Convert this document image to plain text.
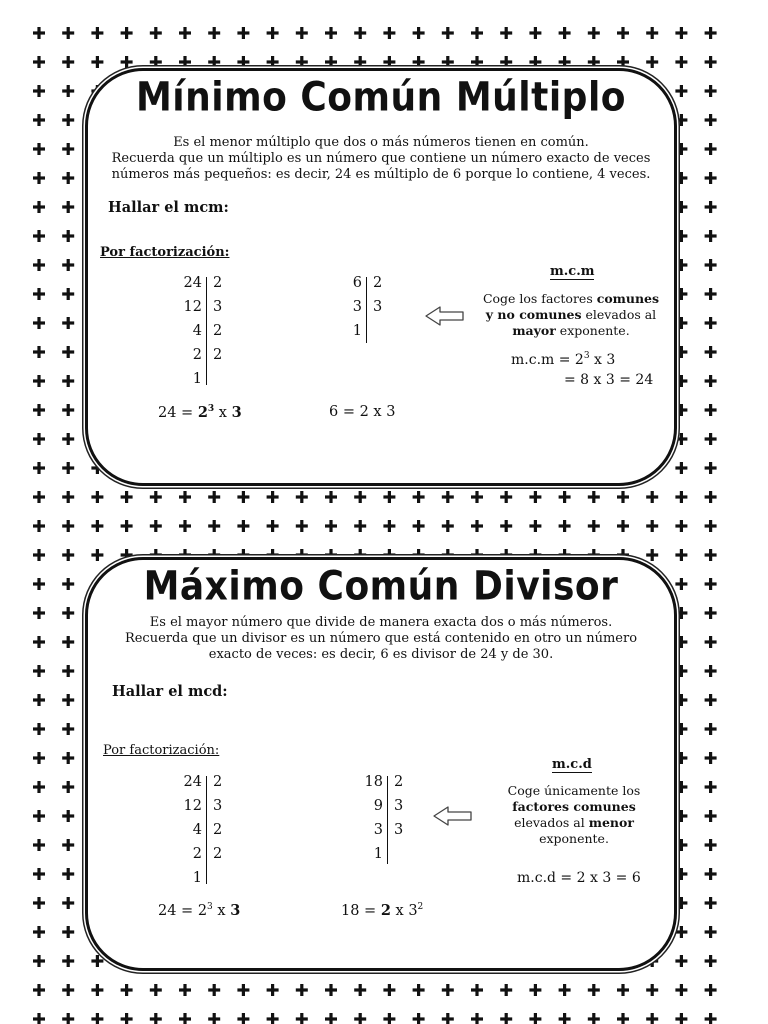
Mínimo Común Múltiplo

Es el menor múltiplo que dos o más números tienen en común.
Recuerda que un múltiplo es un número que contiene un número exacto de veces
números más pequeños: es decir, 24 es múltiplo de 6 porque lo contiene, 4 veces.

Hallar el mcm:

Por factorización:

24
12
4
2
1
2
3
2
2
6
3
1
2
3

$24 = 2^3$ x 3	6 = 2 x 3

m.c.m

Coge los factores comunes
y no comunes elevados al
mayor exponente.

$m.c.m = 2^3$ x 3

= 8 x 3 = 24

Máximo Común Divisor

Es el mayor número que divide de manera exacta dos o más números.
Recuerda que un divisor es un número que está contenido en otro un número
exacto de veces: es decir, 6 es divisor de 24 y de 30.

Hallar el mcd:

Por factorización:

24
12
4
2
1
2
3
2
2
18
9
3
1
2
3
3

$24 = 2^3$ x 3	18 = 2 x $3^2$

m.c.d

Coge únicamente los
factores comunes
elevados al menor
exponente.

m.c.d = 2 x 3 = 6
